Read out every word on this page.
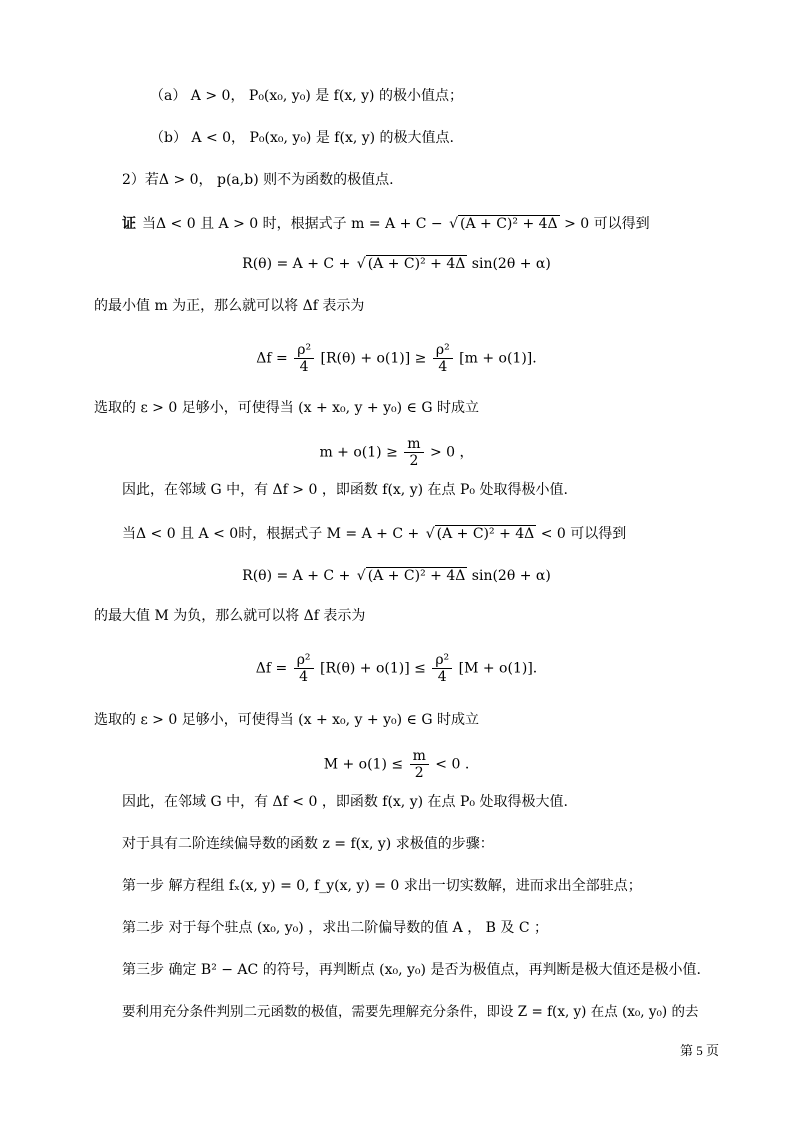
（a） A > 0， P₀(x₀, y₀) 是 f(x, y) 的极小值点；
（b） A < 0， P₀(x₀, y₀) 是 f(x, y) 的极大值点.
2）若Δ > 0， p(a,b) 则不为函数的极值点.
证 当Δ < 0 且 A > 0 时，根据式子 m = A + C − √ (A + C)² + 4Δ > 0 可以得到
R(θ) = A + C + √ (A + C)² + 4Δ sin(2θ + α)
的最小值 m 为正，那么就可以将 Δf 表示为
$\Delta f = \frac{\text{ρ²}}{4} [R(\theta) + o(1)] \ge \frac{\text{ρ²}}{4} [m + o(1)]$.
选取的 ε > 0 足够小，可使得当 (x + x₀, y + y₀) ∈ G 时成立
$m + o(1) \ge \frac{m}{2} > 0$ ，
因此，在邻域 G 中，有 Δf > 0 ，即函数 f(x, y) 在点 P₀ 处取得极小值.
当Δ < 0 且 A < 0时，根据式子 M = A + C + √ (A + C)² + 4Δ < 0 可以得到
R(θ) = A + C + √ (A + C)² + 4Δ sin(2θ + α)
的最大值 M 为负，那么就可以将 Δf 表示为
$\Delta f = \frac{\text{ρ²}}{4} [R(\theta) + o(1)] \le \frac{\text{ρ²}}{4} [M + o(1)]$.
选取的 ε > 0 足够小，可使得当 (x + x₀, y + y₀) ∈ G 时成立
$M + o(1) \le \frac{m}{2} < 0$ .
因此，在邻域 G 中，有 Δf < 0 ，即函数 f(x, y) 在点 P₀ 处取得极大值.
对于具有二阶连续偏导数的函数 z = f(x, y) 求极值的步骤：
第一步 解方程组 fₓ(x, y) = 0, f_y(x, y) = 0 求出一切实数解，进而求出全部驻点；
第二步 对于每个驻点 (x₀, y₀) ，求出二阶偏导数的值 A ， B 及 C ；
第三步 确定 B² − AC 的符号，再判断点 (x₀, y₀) 是否为极值点，再判断是极大值还是极小值.
要利用充分条件判别二元函数的极值，需要先理解充分条件，即设 Z = f(x, y) 在点 (x₀, y₀) 的去
第 5 页
